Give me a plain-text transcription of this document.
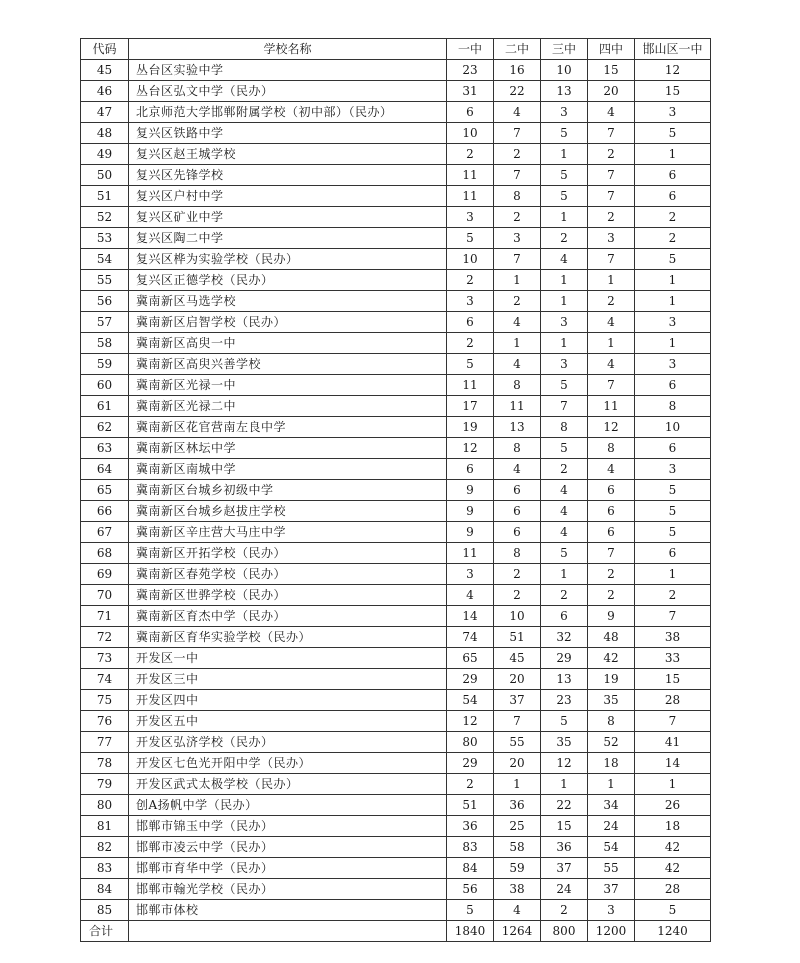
代码	学校名称	一中	二中	三中	四中	邯山区一中
45	丛台区实验中学	23	16	10	15	12
46	丛台区弘文中学（民办）	31	22	13	20	15
47	北京师范大学邯郸附属学校（初中部）（民办）	6	4	3	4	3
48	复兴区铁路中学	10	7	5	7	5
49	复兴区赵王城学校	2	2	1	2	1
50	复兴区先锋学校	11	7	5	7	6
51	复兴区户村中学	11	8	5	7	6
52	复兴区矿业中学	3	2	1	2	2
53	复兴区陶二中学	5	3	2	3	2
54	复兴区桦为实验学校（民办）	10	7	4	7	5
55	复兴区正德学校（民办）	2	1	1	1	1
56	冀南新区马选学校	3	2	1	2	1
57	冀南新区启智学校（民办）	6	4	3	4	3
58	冀南新区高臾一中	2	1	1	1	1
59	冀南新区高臾兴善学校	5	4	3	4	3
60	冀南新区光禄一中	11	8	5	7	6
61	冀南新区光禄二中	17	11	7	11	8
62	冀南新区花官营南左良中学	19	13	8	12	10
63	冀南新区林坛中学	12	8	5	8	6
64	冀南新区南城中学	6	4	2	4	3
65	冀南新区台城乡初级中学	9	6	4	6	5
66	冀南新区台城乡赵拔庄学校	9	6	4	6	5
67	冀南新区辛庄营大马庄中学	9	6	4	6	5
68	冀南新区开拓学校（民办）	11	8	5	7	6
69	冀南新区春苑学校（民办）	3	2	1	2	1
70	冀南新区世骅学校（民办）	4	2	2	2	2
71	冀南新区育杰中学（民办）	14	10	6	9	7
72	冀南新区育华实验学校（民办）	74	51	32	48	38
73	开发区一中	65	45	29	42	33
74	开发区三中	29	20	13	19	15
75	开发区四中	54	37	23	35	28
76	开发区五中	12	7	5	8	7
77	开发区弘济学校（民办）	80	55	35	52	41
78	开发区七色光开阳中学（民办）	29	20	12	18	14
79	开发区武式太极学校（民办）	2	1	1	1	1
80	创A扬帆中学（民办）	51	36	22	34	26
81	邯郸市锦玉中学（民办）	36	25	15	24	18
82	邯郸市凌云中学（民办）	83	58	36	54	42
83	邯郸市育华中学（民办）	84	59	37	55	42
84	邯郸市翰光学校（民办）	56	38	24	37	28
85	邯郸市体校	5	4	2	3	5
合计		1840	1264	800	1200	1240
